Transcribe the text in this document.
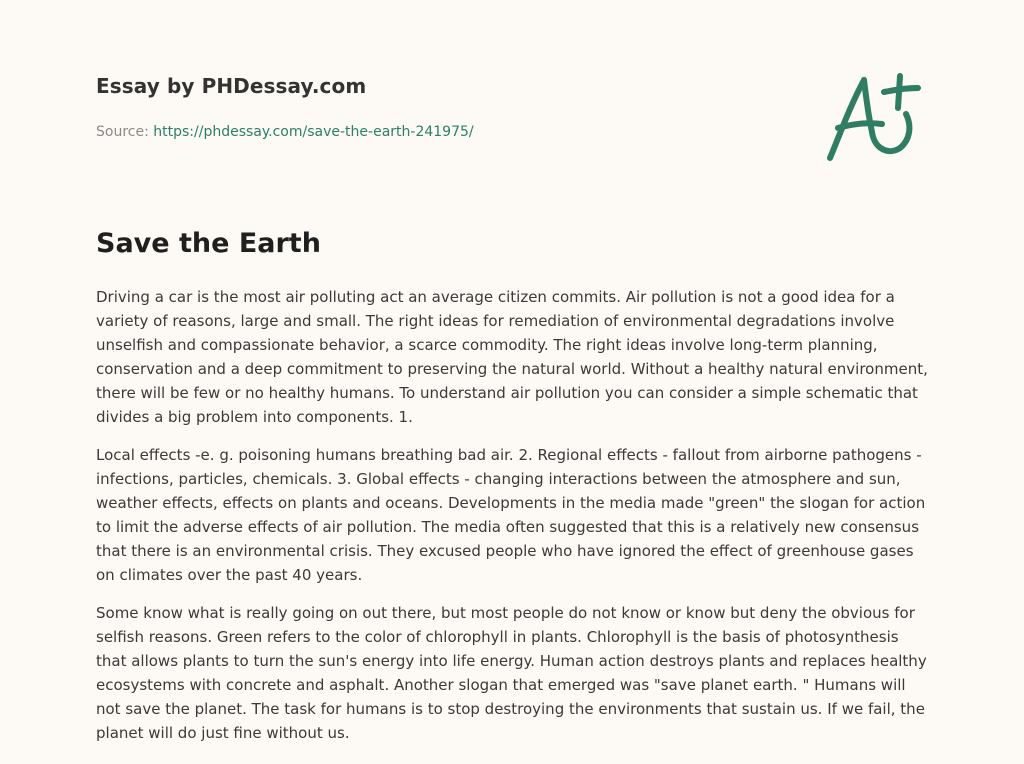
Essay by PHDessay.com
Source: https://phdessay.com/save-the-earth-241975/
Save the Earth

Driving a car is the most air polluting act an average citizen commits. Air pollution is not a good idea for a variety of reasons, large and small. The right ideas for remediation of environmental degradations involve unselfish and compassionate behavior, a scarce commodity. The right ideas involve long-term planning, conservation and a deep commitment to preserving the natural world. Without a healthy natural environment, there will be few or no healthy humans. To understand air pollution you can consider a simple schematic that divides a big problem into components. 1.

Local effects -e. g. poisoning humans breathing bad air. 2. Regional effects - fallout from airborne pathogens - infections, particles, chemicals. 3. Global effects - changing interactions between the atmosphere and sun, weather effects, effects on plants and oceans. Developments in the media made "green" the slogan for action to limit the adverse effects of air pollution. The media often suggested that this is a relatively new consensus that there is an environmental crisis. They excused people who have ignored the effect of greenhouse gases on climates over the past 40 years.

Some know what is really going on out there, but most people do not know or know but deny the obvious for selfish reasons. Green refers to the color of chlorophyll in plants. Chlorophyll is the basis of photosynthesis that allows plants to turn the sun's energy into life energy. Human action destroys plants and replaces healthy ecosystems with concrete and asphalt. Another slogan that emerged was "save planet earth. " Humans will not save the planet. The task for humans is to stop destroying the environments that sustain us. If we fail, the planet will do just fine without us.
